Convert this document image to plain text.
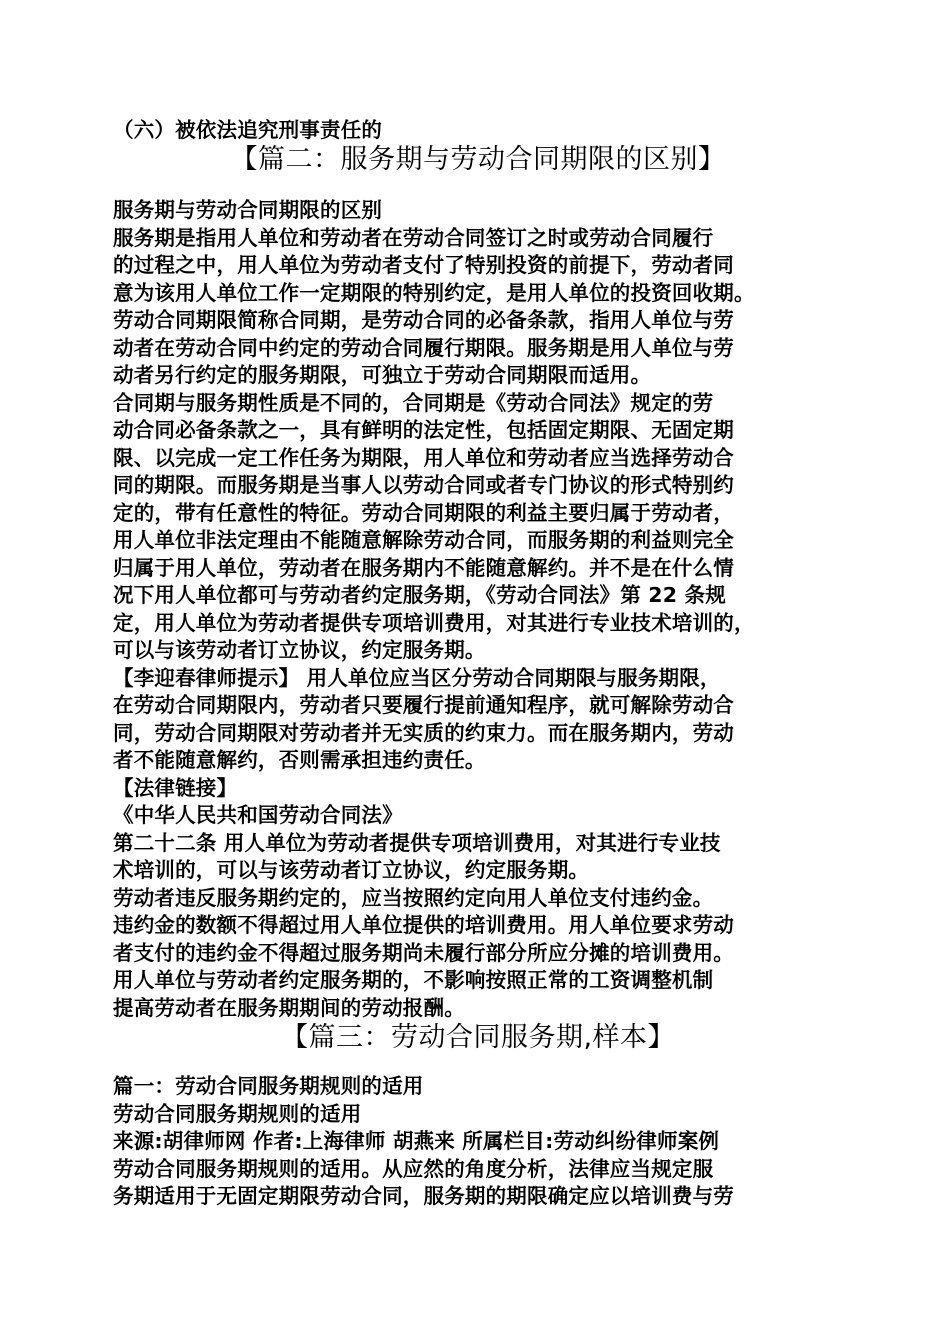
（六）被依法追究刑事责任的

【篇二：服务期与劳动合同期限的区别】
服务期与劳动合同期限的区别
服务期是指用人单位和劳动者在劳动合同签订之时或劳动合同履行
的过程之中，用人单位为劳动者支付了特别投资的前提下，劳动者同
意为该用人单位工作一定期限的特别约定，是用人单位的投资回收期。
劳动合同期限简称合同期，是劳动合同的必备条款，指用人单位与劳
动者在劳动合同中约定的劳动合同履行期限。服务期是用人单位与劳
动者另行约定的服务期限，可独立于劳动合同期限而适用。
合同期与服务期性质是不同的，合同期是《劳动合同法》规定的劳
动合同必备条款之一，具有鲜明的法定性，包括固定期限、无固定期
限、以完成一定工作任务为期限，用人单位和劳动者应当选择劳动合
同的期限。而服务期是当事人以劳动合同或者专门协议的形式特别约
定的，带有任意性的特征。劳动合同期限的利益主要归属于劳动者，
用人单位非法定理由不能随意解除劳动合同，而服务期的利益则完全
归属于用人单位，劳动者在服务期内不能随意解约。并不是在什么情
况下用人单位都可与劳动者约定服务期，《劳动合同法》第 22 条规
定，用人单位为劳动者提供专项培训费用，对其进行专业技术培训的，
可以与该劳动者订立协议，约定服务期。
【李迎春律师提示】 用人单位应当区分劳动合同期限与服务期限，
在劳动合同期限内，劳动者只要履行提前通知程序，就可解除劳动合
同，劳动合同期限对劳动者并无实质的约束力。而在服务期内，劳动
者不能随意解约，否则需承担违约责任。
【法律链接】
《中华人民共和国劳动合同法》
第二十二条 用人单位为劳动者提供专项培训费用，对其进行专业技
术培训的，可以与该劳动者订立协议，约定服务期。
劳动者违反服务期约定的，应当按照约定向用人单位支付违约金。
违约金的数额不得超过用人单位提供的培训费用。用人单位要求劳动
者支付的违约金不得超过服务期尚未履行部分所应分摊的培训费用。
用人单位与劳动者约定服务期的，不影响按照正常的工资调整机制
提高劳动者在服务期期间的劳动报酬。
【篇三：劳动合同服务期,样本】
篇一：劳动合同服务期规则的适用
劳动合同服务期规则的适用
来源:胡律师网 作者:上海律师 胡燕来 所属栏目:劳动纠纷律师案例
劳动合同服务期规则的适用。从应然的角度分析，法律应当规定服
务期适用于无固定期限劳动合同，服务期的期限确定应以培训费与劳
